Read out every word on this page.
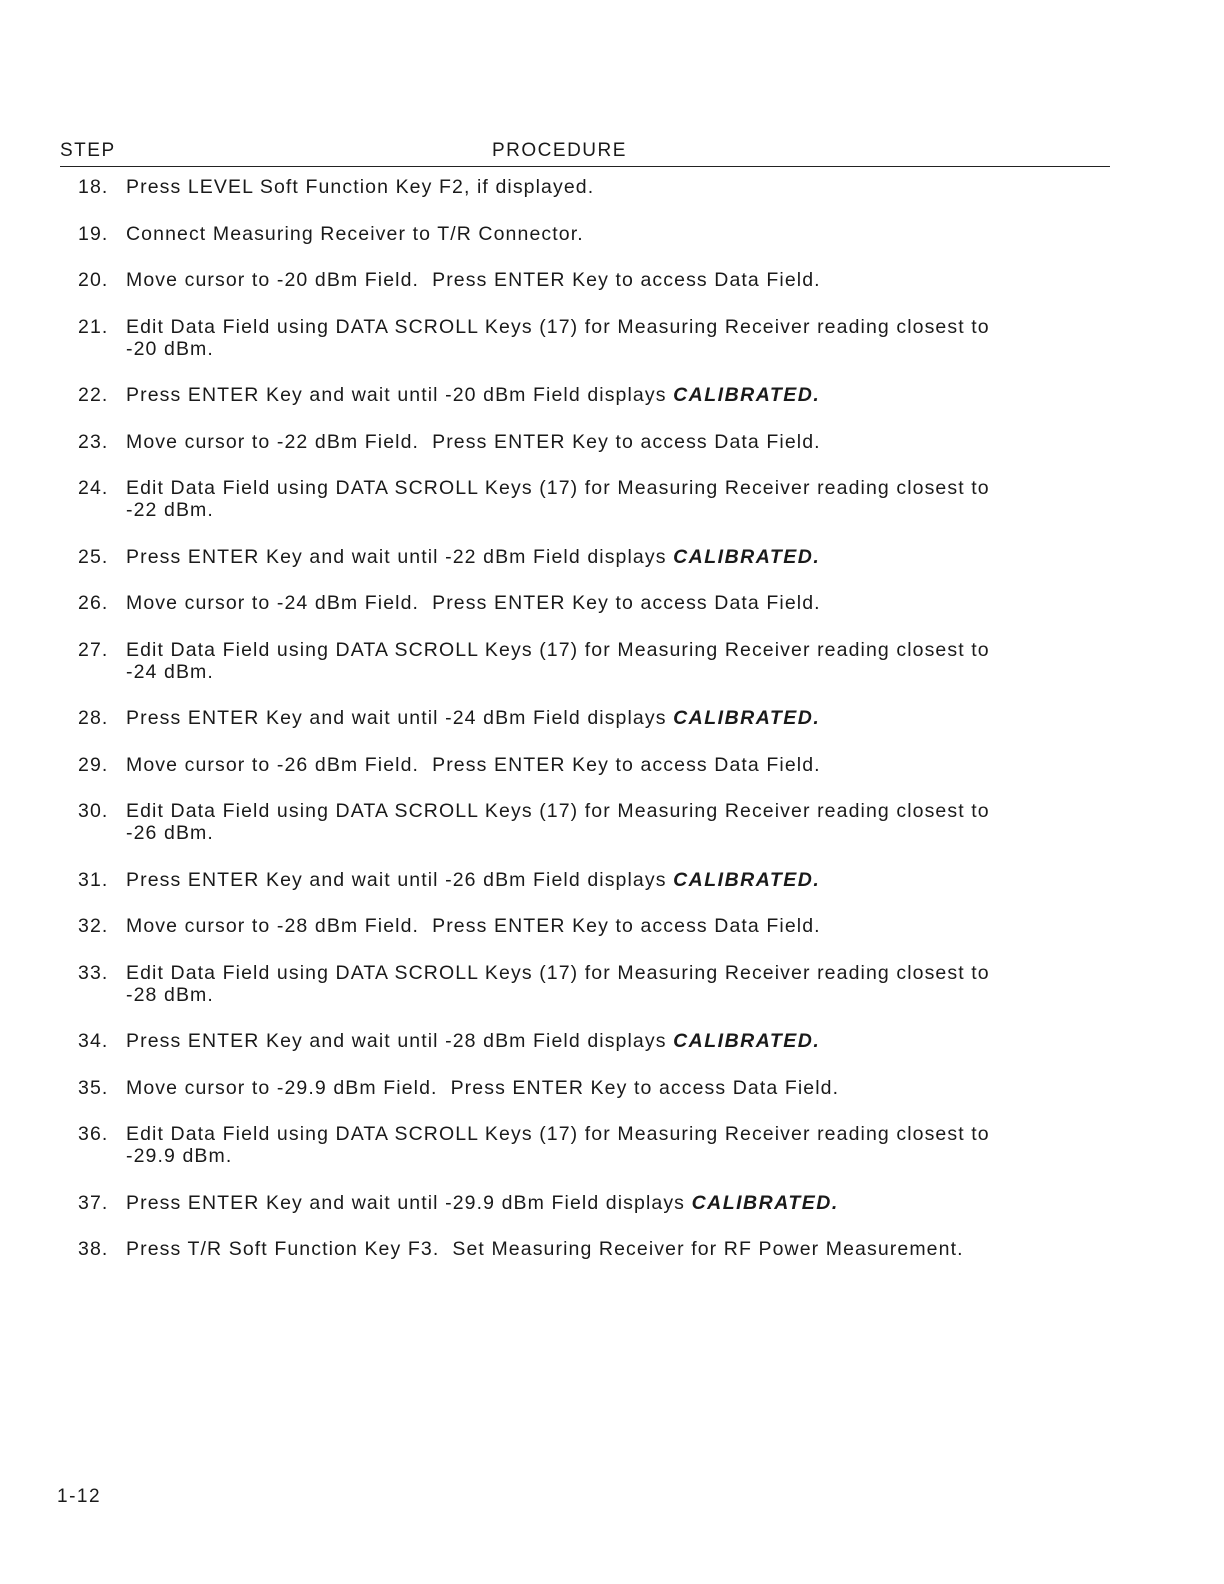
STEP	PROCEDURE
18. Press LEVEL Soft Function Key F2, if displayed.
19. Connect Measuring Receiver to T/R Connector.
20. Move cursor to -20 dBm Field.  Press ENTER Key to access Data Field.
21. Edit Data Field using DATA SCROLL Keys (17) for Measuring Receiver reading closest to
-20 dBm.
22. Press ENTER Key and wait until -20 dBm Field displays CALIBRATED.
23. Move cursor to -22 dBm Field.  Press ENTER Key to access Data Field.
24. Edit Data Field using DATA SCROLL Keys (17) for Measuring Receiver reading closest to
-22 dBm.
25. Press ENTER Key and wait until -22 dBm Field displays CALIBRATED.
26. Move cursor to -24 dBm Field.  Press ENTER Key to access Data Field.
27. Edit Data Field using DATA SCROLL Keys (17) for Measuring Receiver reading closest to
-24 dBm.
28. Press ENTER Key and wait until -24 dBm Field displays CALIBRATED.
29. Move cursor to -26 dBm Field.  Press ENTER Key to access Data Field.
30. Edit Data Field using DATA SCROLL Keys (17) for Measuring Receiver reading closest to
-26 dBm.
31. Press ENTER Key and wait until -26 dBm Field displays CALIBRATED.
32. Move cursor to -28 dBm Field.  Press ENTER Key to access Data Field.
33. Edit Data Field using DATA SCROLL Keys (17) for Measuring Receiver reading closest to
-28 dBm.
34. Press ENTER Key and wait until -28 dBm Field displays CALIBRATED.
35. Move cursor to -29.9 dBm Field.  Press ENTER Key to access Data Field.
36. Edit Data Field using DATA SCROLL Keys (17) for Measuring Receiver reading closest to
-29.9 dBm.
37. Press ENTER Key and wait until -29.9 dBm Field displays CALIBRATED.
38. Press T/R Soft Function Key F3.  Set Measuring Receiver for RF Power Measurement.
1-12
